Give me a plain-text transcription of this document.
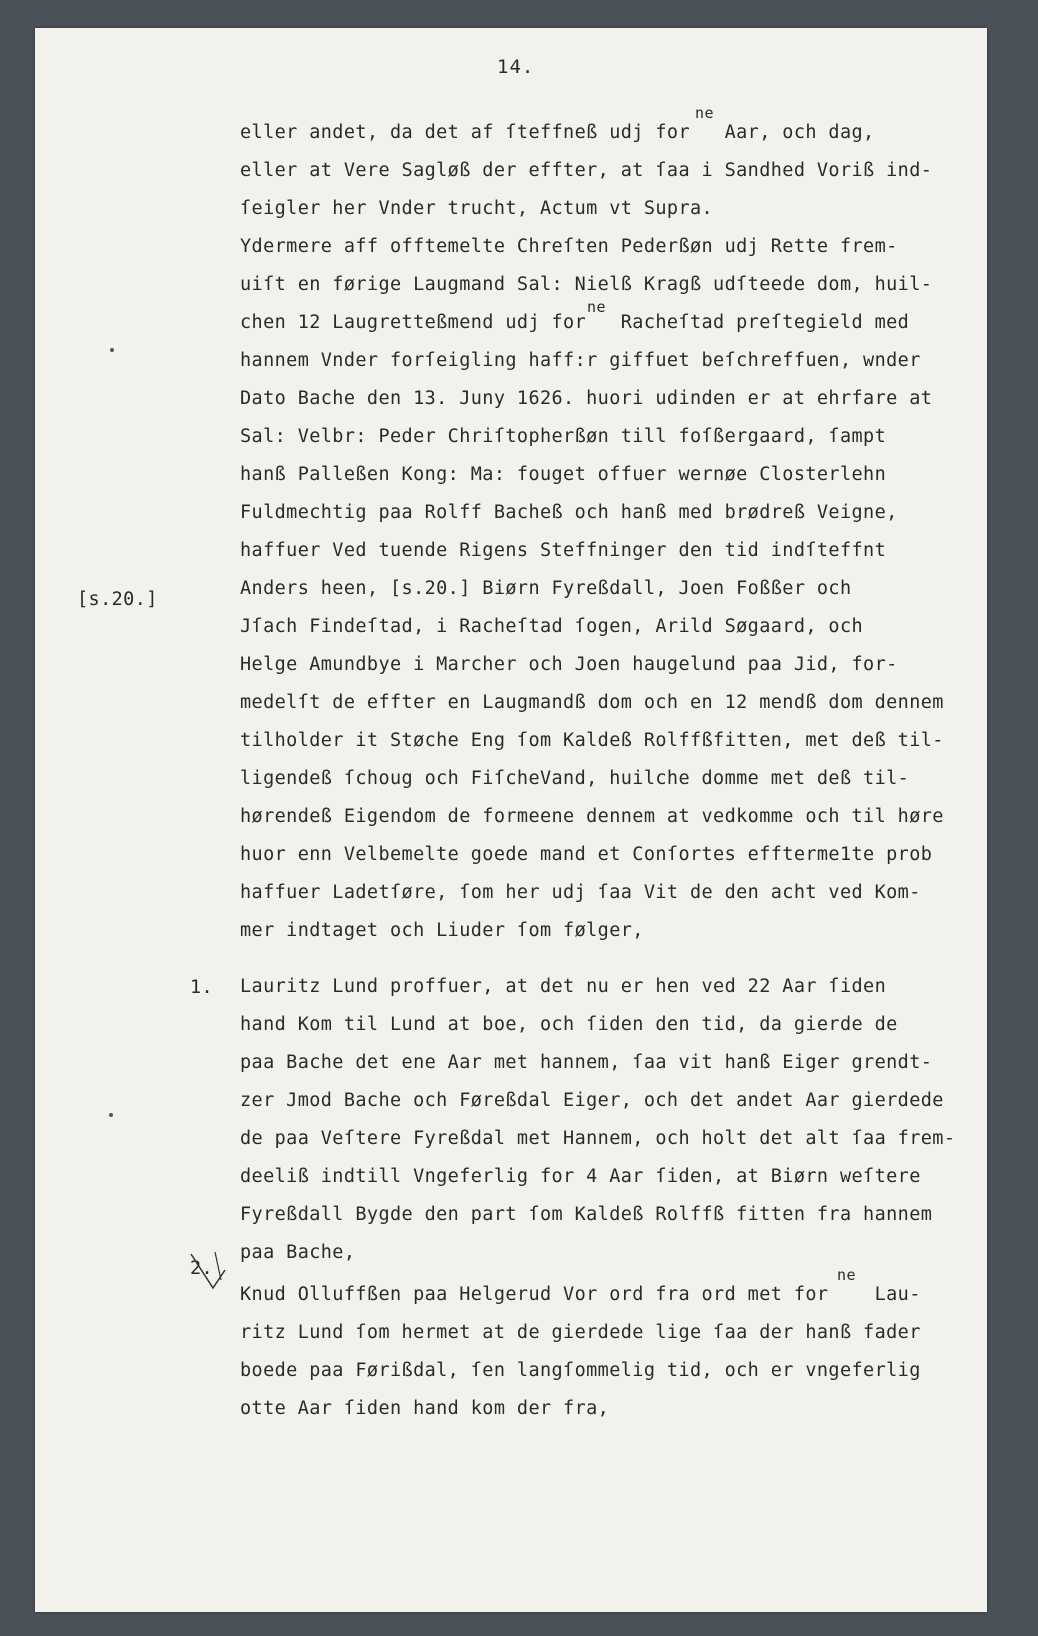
14.
ne
ne
ne
[s.20.]
1.
2.
eller andet, da det af ſteffneß udj for   Aar, och dag,
eller at Vere Sagløß der effter, at ſaa i Sandhed Voriß ind-
ſeigler her Vnder trucht, Actum vt Supra.
Ydermere aff offtemelte Chreſten Pederßøn udj Rette frem-
uiſt en førige Laugmand Sal: Nielß Kragß udſteede dom, huil-
chen 12 Laugretteßmend udj for   Racheſtad preſtegield med
hannem Vnder forſeigling haff:r giffuet beſchreffuen, wnder
Dato Bache den 13. Juny 1626. huori udinden er at ehrfare at
Sal: Velbr: Peder Chriſtopherßøn till foſßergaard, ſampt
hanß Palleßen Kong: Ma: fouget offuer wernøe Closterlehn
Fuldmechtig paa Rolff Bacheß och hanß med brødreß Veigne,
haffuer Ved tuende Rigens Steffninger den tid indſteffnt
Anders heen, [s.20.] Biørn Fyreßdall, Joen Foßßer och
Jſach Findeſtad, i Racheſtad ſogen, Arild Søgaard, och
Helge Amundbye i Marcher och Joen haugelund paa Jid, for-
medelſt de effter en Laugmandß dom och en 12 mendß dom dennem
tilholder it Støche Eng ſom Kaldeß Rolffßfitten, met deß til-
ligendeß ſchoug och FiſcheVand, huilche domme met deß til-
hørendeß Eigendom de formeene dennem at vedkomme och til høre
huor enn Velbemelte goede mand et Conſortes effterme1te prob
haffuer Ladetſøre, ſom her udj ſaa Vit de den acht ved Kom-
mer indtaget och Liuder ſom følger,
Lauritz Lund proffuer, at det nu er hen ved 22 Aar ſiden
hand Kom til Lund at boe, och ſiden den tid, da gierde de
paa Bache det ene Aar met hannem, ſaa vit hanß Eiger grendt-
zer Jmod Bache och Føreßdal Eiger, och det andet Aar gierdede
de paa Veſtere Fyreßdal met Hannem, och holt det alt ſaa frem-
deeliß indtill Vngeferlig for 4 Aar ſiden, at Biørn weſtere
Fyreßdall Bygde den part ſom Kaldeß Rolffß fitten fra hannem
paa Bache,
Knud Olluffßen paa Helgerud Vor ord fra ord met for    Lau-
ritz Lund ſom hermet at de gierdede lige ſaa der hanß fader
boede paa Førißdal, ſen langſommelig tid, och er vngeferlig
otte Aar ſiden hand kom der fra,
